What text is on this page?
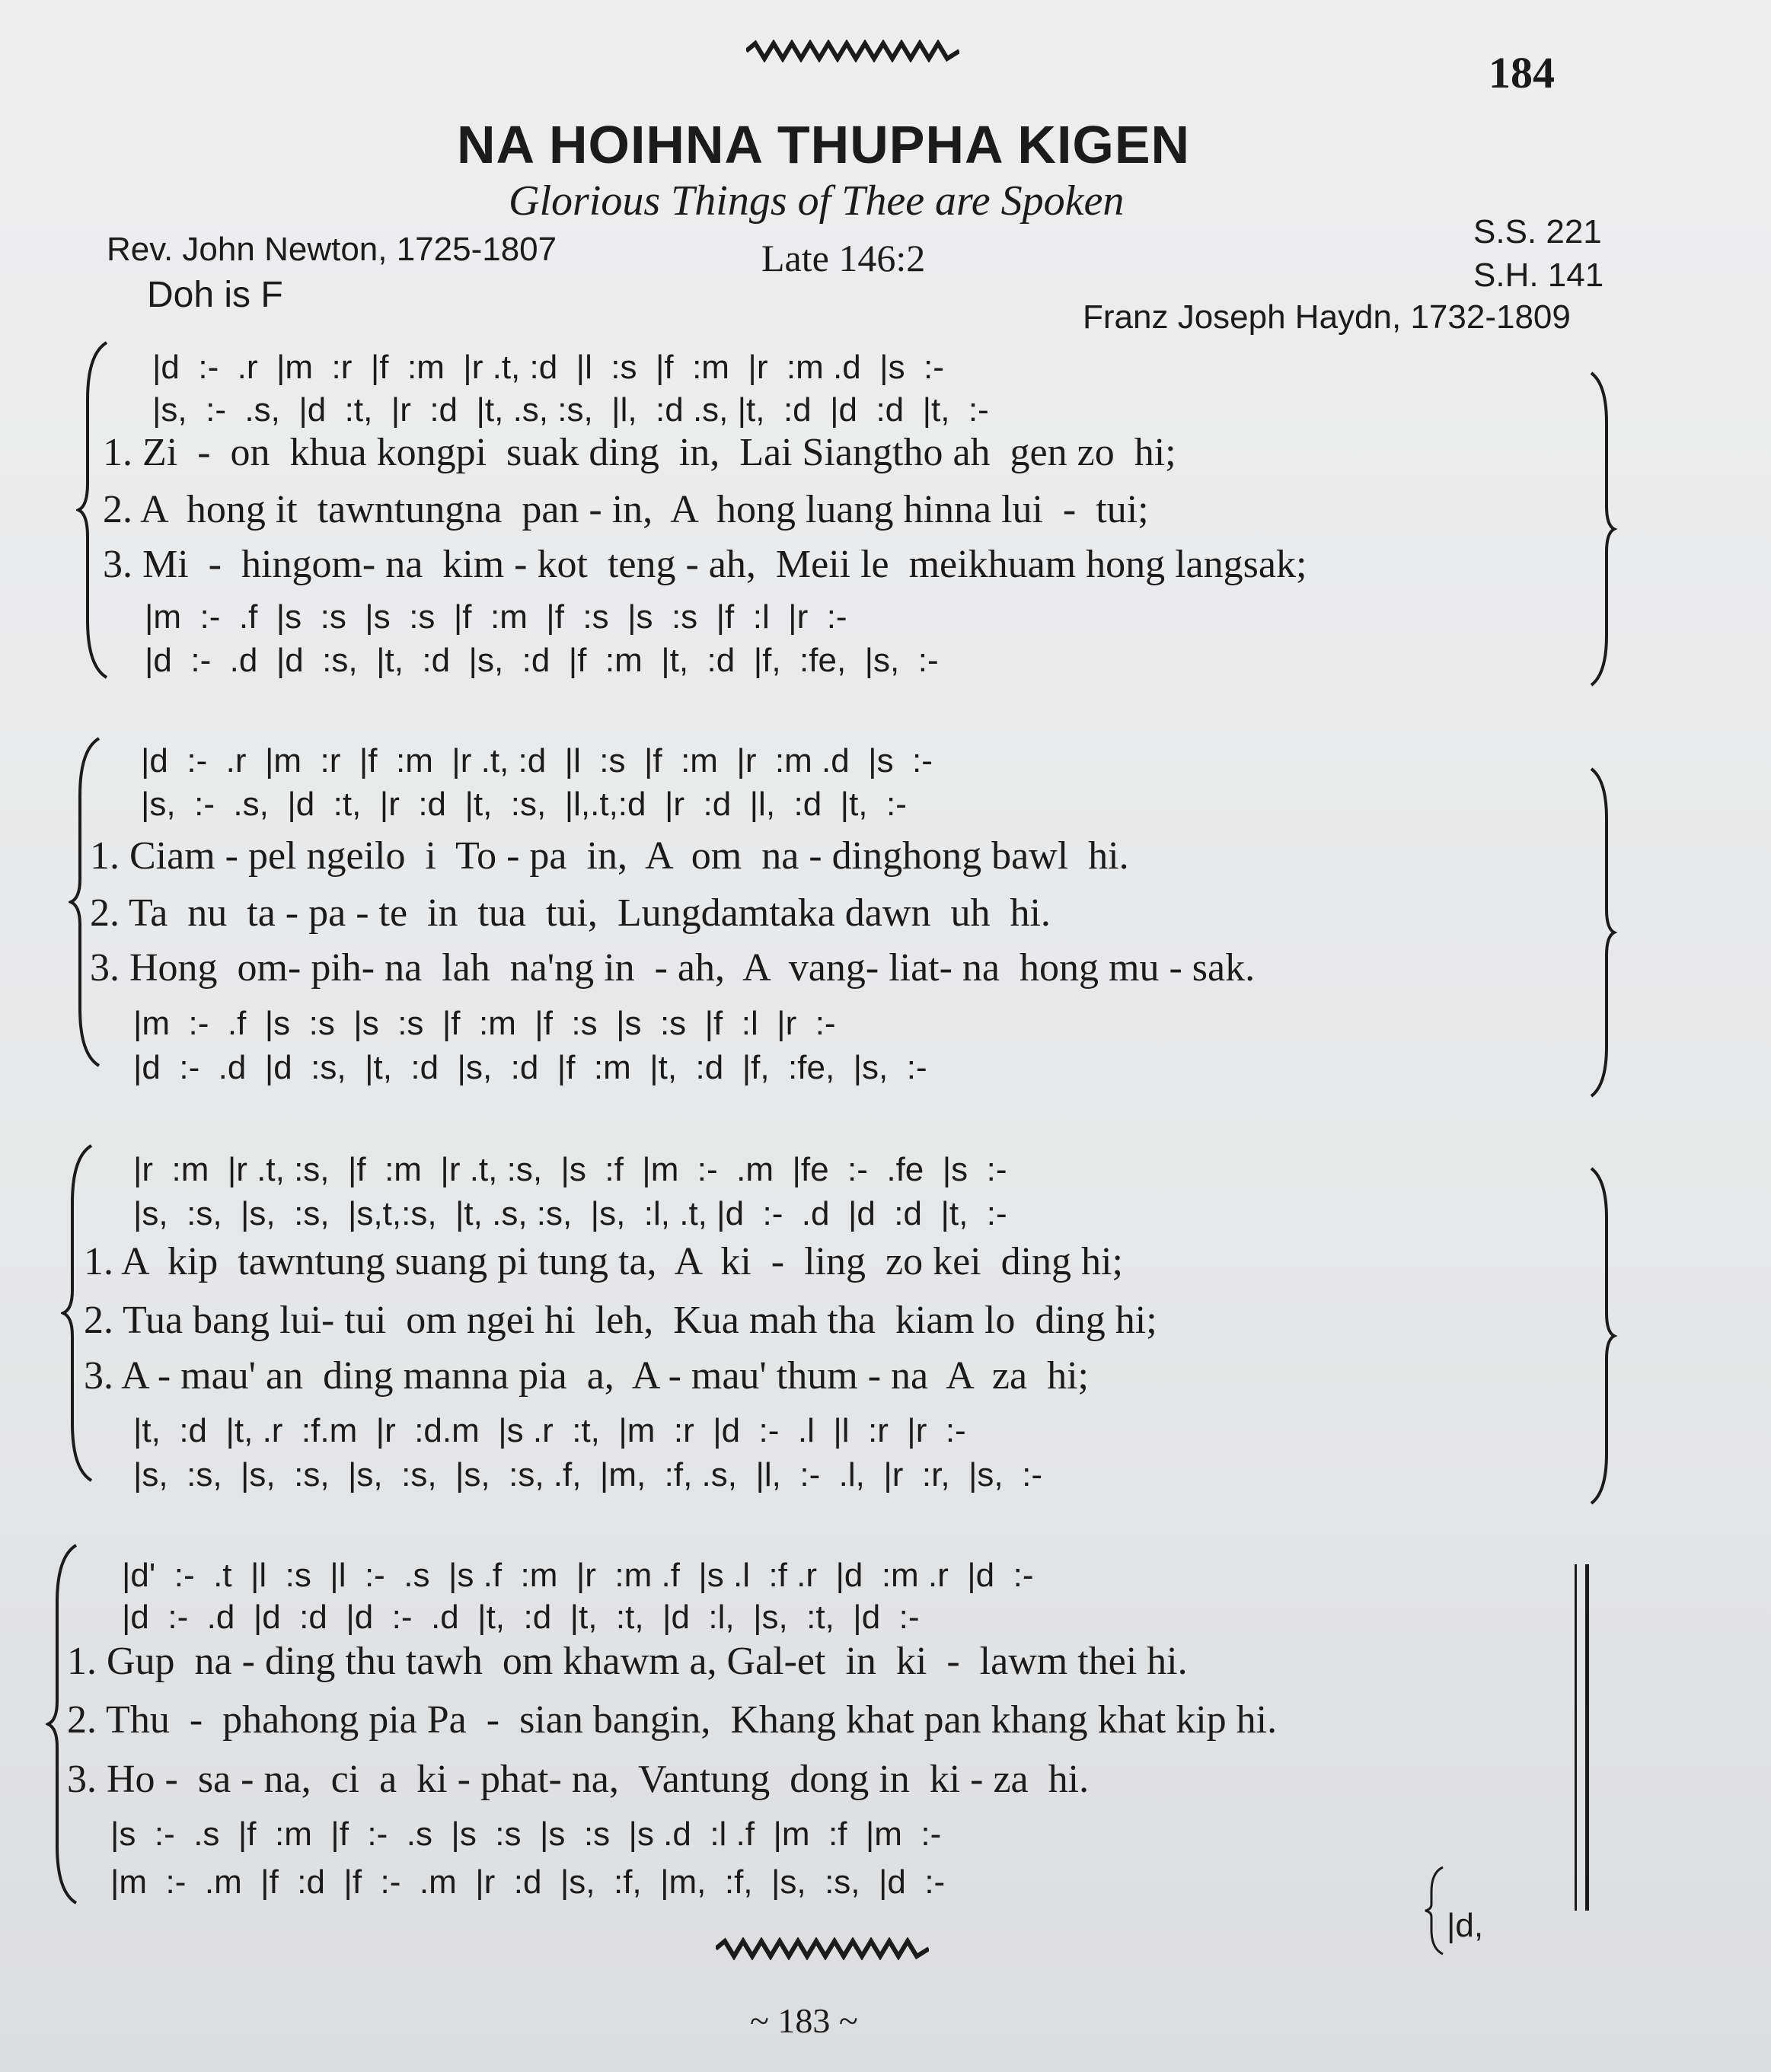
184
NA HOIHNA THUPHA KIGEN
Glorious Things of Thee are Spoken
Rev. John Newton, 1725-1807	Late 146:2
S.S. 221
S.H. 141
Doh is F
Franz Joseph Haydn, 1732-1809
|d  :-  .r  |m  :r  |f  :m  |r .t, :d  |l  :s  |f  :m  |r  :m .d  |s  :-
|s,  :-  .s,  |d  :t,  |r  :d  |t, .s, :s,  |l,  :d .s, |t,  :d  |d  :d  |t,  :-
1. Zi  -  on  khua kongpi  suak ding  in,  Lai Siangtho ah  gen zo  hi;
2. A  hong it  tawntungna  pan - in,  A  hong luang hinna lui  -  tui;
3. Mi  -  hingom- na  kim - kot  teng - ah,  Meii le  meikhuam hong langsak;
|m  :-  .f  |s  :s  |s  :s  |f  :m  |f  :s  |s  :s  |f  :l  |r  :-
|d  :-  .d  |d  :s,  |t,  :d  |s,  :d  |f  :m  |t,  :d  |f,  :fe,  |s,  :-
|d  :-  .r  |m  :r  |f  :m  |r .t, :d  |l  :s  |f  :m  |r  :m .d  |s  :-
|s,  :-  .s,  |d  :t,  |r  :d  |t,  :s,  |l,.t,:d  |r  :d  |l,  :d  |t,  :-
1. Ciam - pel ngeilo  i  To - pa  in,  A  om  na - dinghong bawl  hi.
2. Ta  nu  ta - pa - te  in  tua  tui,  Lungdamtaka dawn  uh  hi.
3. Hong  om- pih- na  lah  na'ng in  - ah,  A  vang- liat- na  hong mu - sak.
|m  :-  .f  |s  :s  |s  :s  |f  :m  |f  :s  |s  :s  |f  :l  |r  :-
|d  :-  .d  |d  :s,  |t,  :d  |s,  :d  |f  :m  |t,  :d  |f,  :fe,  |s,  :-
|r  :m  |r .t, :s,  |f  :m  |r .t, :s,  |s  :f  |m  :-  .m  |fe  :-  .fe  |s  :-
|s,  :s,  |s,  :s,  |s,t,:s,  |t, .s, :s,  |s,  :l, .t, |d  :-  .d  |d  :d  |t,  :-
1. A  kip  tawntung suang pi tung ta,  A  ki  -  ling  zo kei  ding hi;
2. Tua bang lui- tui  om ngei hi  leh,  Kua mah tha  kiam lo  ding hi;
3. A - mau' an  ding manna pia  a,  A - mau' thum - na  A  za  hi;
|t,  :d  |t, .r  :f.m  |r  :d.m  |s .r  :t,  |m  :r  |d  :-  .l  |l  :r  |r  :-
|s,  :s,  |s,  :s,  |s,  :s,  |s,  :s, .f,  |m,  :f, .s,  |l,  :-  .l,  |r  :r,  |s,  :-
|d'  :-  .t  |l  :s  |l  :-  .s  |s .f  :m  |r  :m .f  |s .l  :f .r  |d  :m .r  |d  :-
|d  :-  .d  |d  :d  |d  :-  .d  |t,  :d  |t,  :t,  |d  :l,  |s,  :t,  |d  :-
1. Gup  na - ding thu tawh  om khawm a, Gal-et  in  ki  -  lawm thei hi.
2. Thu  -  phahong pia Pa  -  sian bangin,  Khang khat pan khang khat kip hi.
3. Ho -  sa - na,  ci  a  ki - phat- na,  Vantung  dong in  ki - za  hi.
|s  :-  .s  |f  :m  |f  :-  .s  |s  :s  |s  :s  |s .d  :l .f  |m  :f  |m  :-
|m  :-  .m  |f  :d  |f  :-  .m  |r  :d  |s,  :f,  |m,  :f,  |s,  :s,  |d  :-
|d,
~ 183 ~
